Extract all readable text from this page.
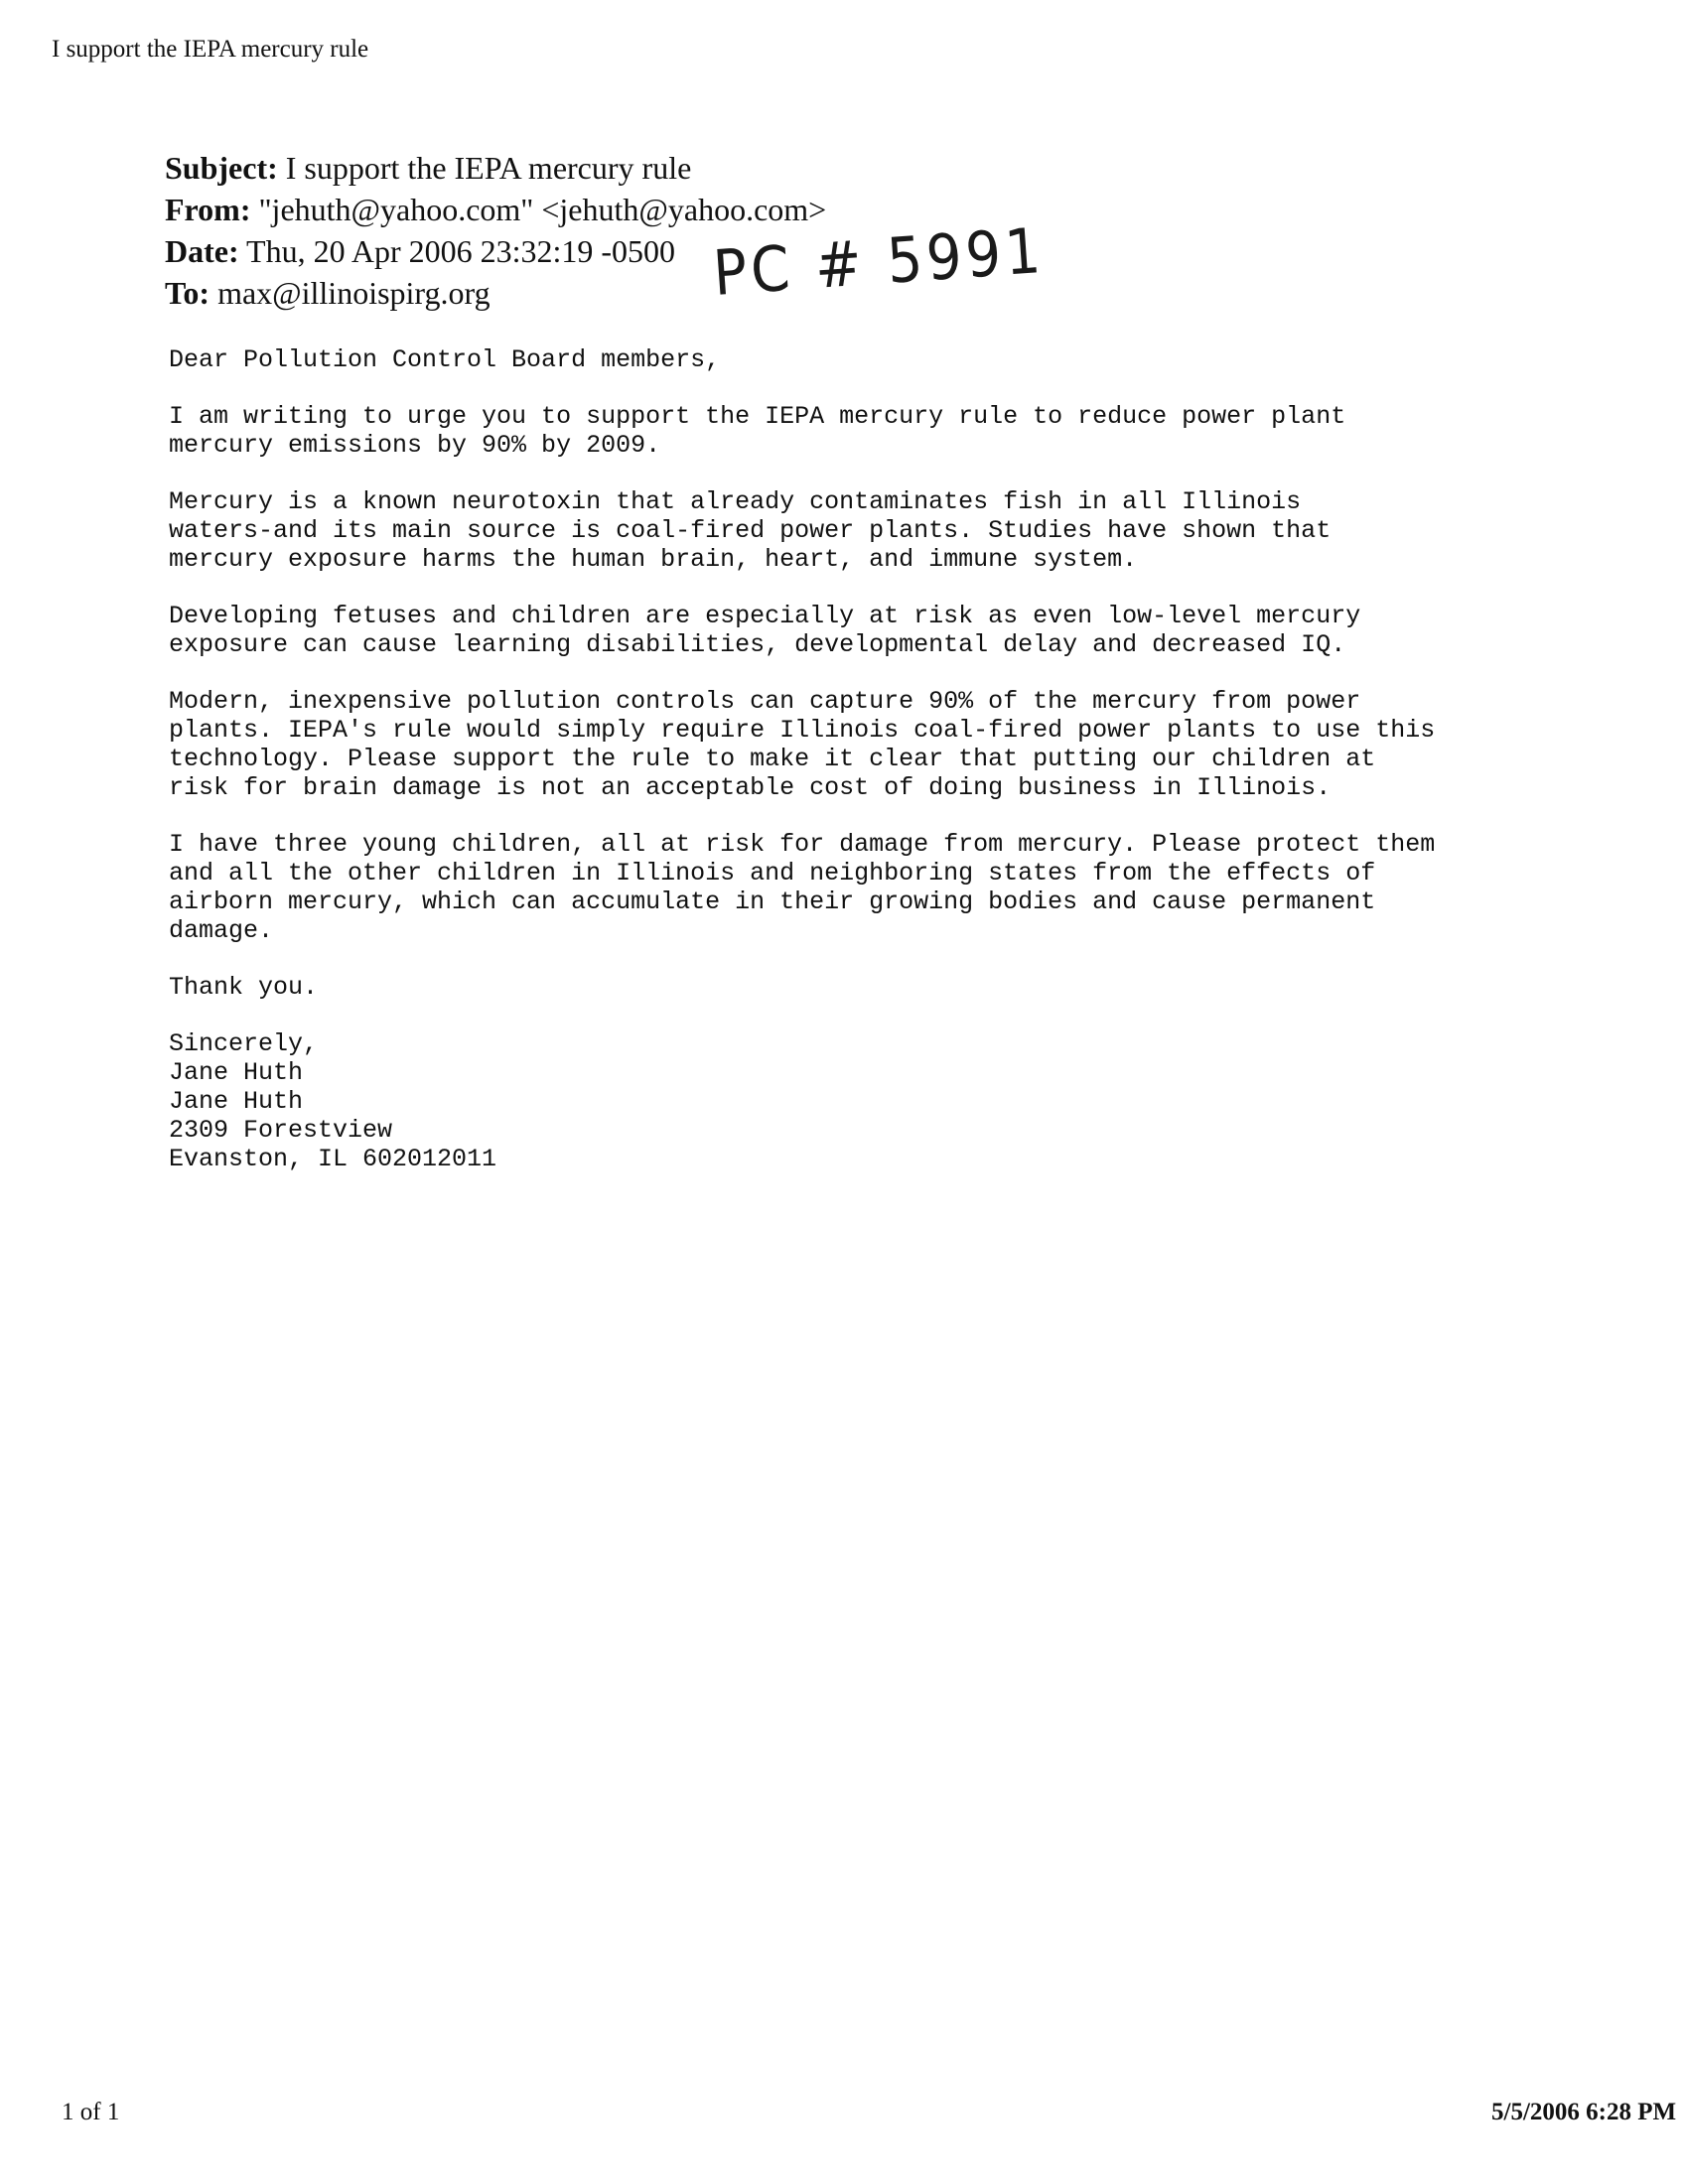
I support the IEPA mercury rule
Subject: I support the IEPA mercury rule
From: "jehuth@yahoo.com" <jehuth@yahoo.com>
Date: Thu, 20 Apr 2006 23:32:19 -0500
To: max@illinoispirg.org	PC # 5991

Dear Pollution Control Board members,

I am writing to urge you to support the IEPA mercury rule to reduce power plant
mercury emissions by 90% by 2009.

Mercury is a known neurotoxin that already contaminates fish in all Illinois
waters-and its main source is coal-fired power plants. Studies have shown that
mercury exposure harms the human brain, heart, and immune system.

Developing fetuses and children are especially at risk as even low-level mercury
exposure can cause learning disabilities, developmental delay and decreased IQ.

Modern, inexpensive pollution controls can capture 90% of the mercury from power
plants. IEPA's rule would simply require Illinois coal-fired power plants to use this
technology. Please support the rule to make it clear that putting our children at
risk for brain damage is not an acceptable cost of doing business in Illinois.

I have three young children, all at risk for damage from mercury. Please protect them
and all the other children in Illinois and neighboring states from the effects of
airborn mercury, which can accumulate in their growing bodies and cause permanent
damage.

Thank you.

Sincerely,
Jane Huth
Jane Huth
2309 Forestview
Evanston, IL 602012011
1 of 1	5/5/2006 6:28 PM
